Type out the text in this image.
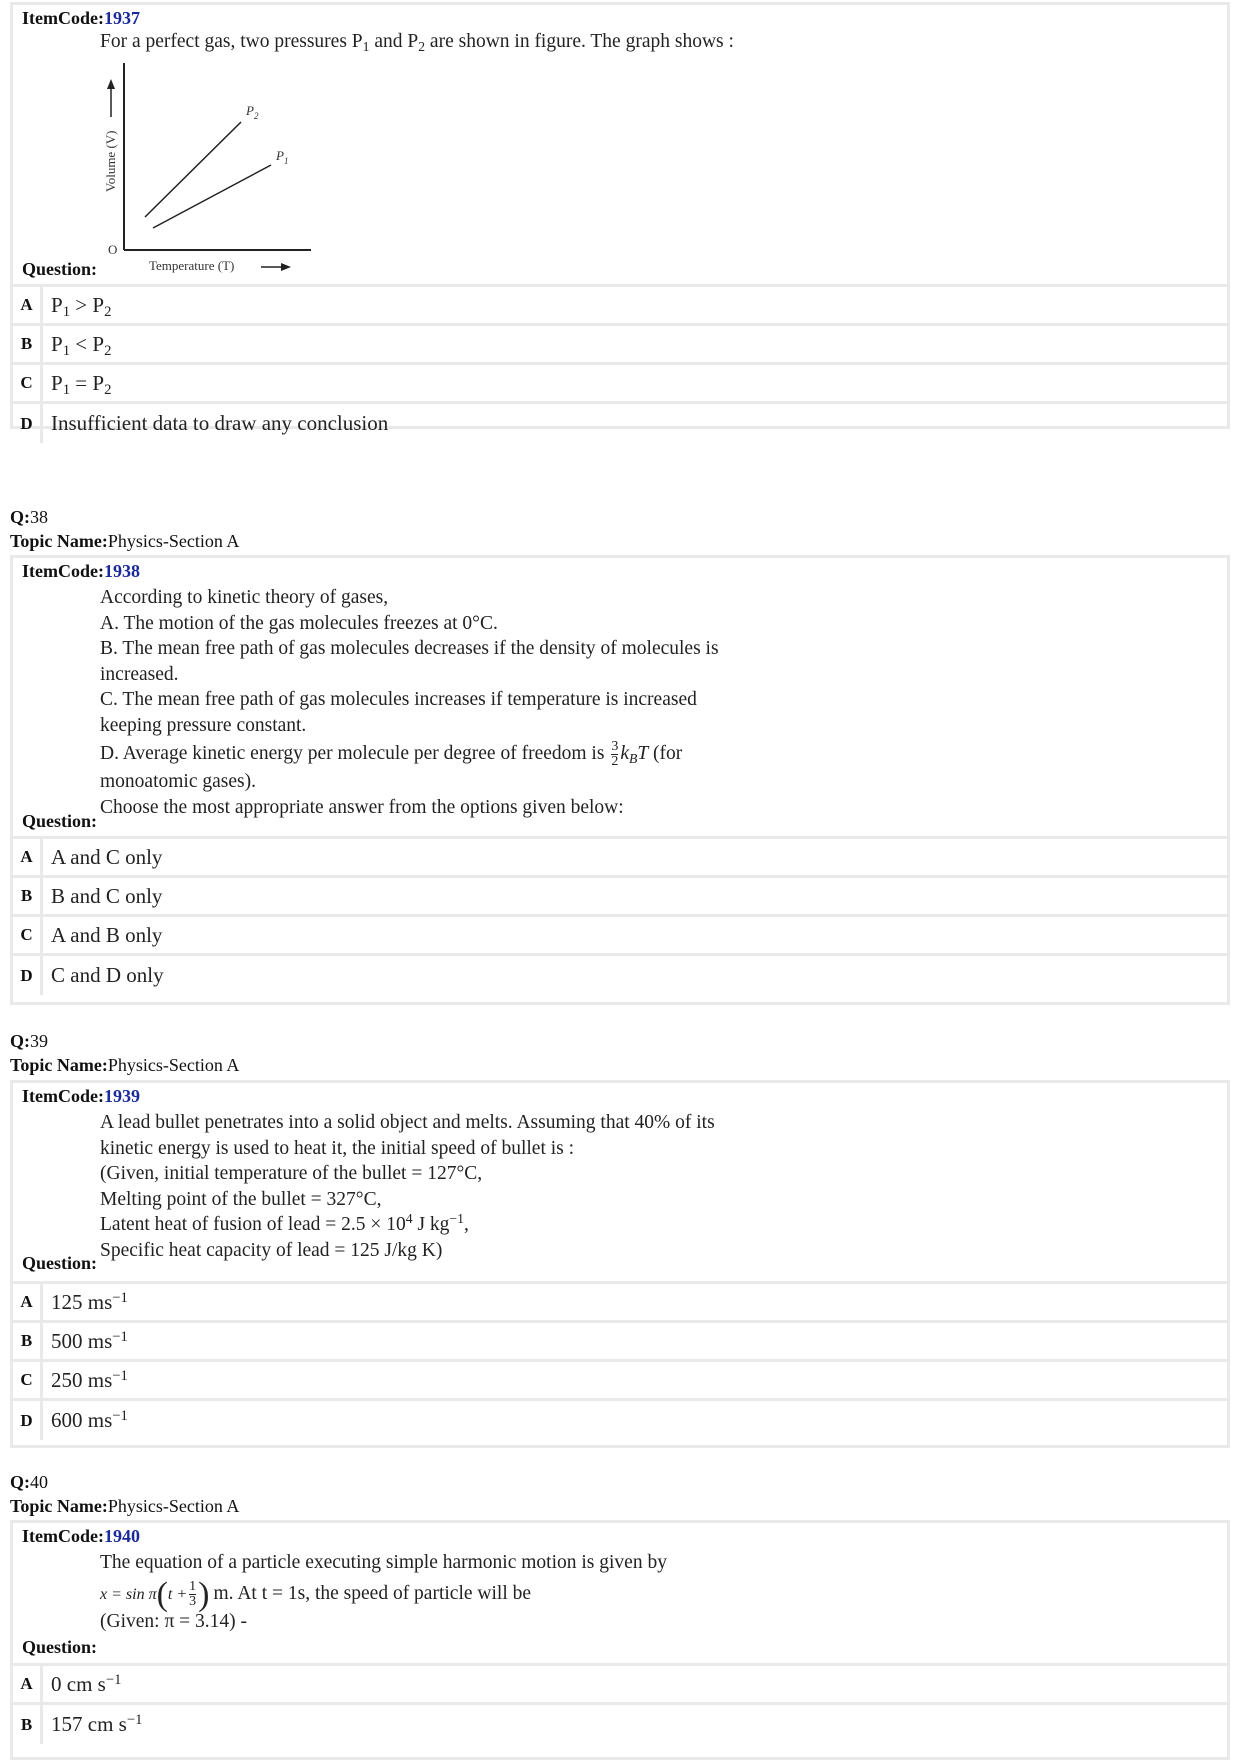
ItemCode:1937
For a perfect gas, two pressures $P_1$ and $P_2$ are shown in figure. The graph shows :
O
Volume (V)
Temperature (T)
$P_2$
$P_1$
Question:
A $P_1 > P_2$
B $P_1 < P_2$
C $P_1 = P_2$
D Insufficient data to draw any conclusion
Q:38
Topic Name:Physics-Section A
ItemCode:1938
According to kinetic theory of gases,
A. The motion of the gas molecules freezes at 0°C.
B. The mean free path of gas molecules decreases if the density of molecules is
increased.
C. The mean free path of gas molecules increases if temperature is increased
keeping pressure constant.
D. Average kinetic energy per molecule per degree of freedom is $\frac{3}{2} k_BT$ (for
monoatomic gases).
Choose the most appropriate answer from the options given below:
Question:
A A and C only
B B and C only
C A and B only
D C and D only
Q:39
Topic Name:Physics-Section A
ItemCode:1939
A lead bullet penetrates into a solid object and melts. Assuming that 40% of its
kinetic energy is used to heat it, the initial speed of bullet is :
(Given, initial temperature of the bullet = 127°C,
Melting point of the bullet = 327°C,
Latent heat of fusion of lead = $2.5 \times 10^4$ J $kg^{-1}$,
Specific heat capacity of lead = 125 J/kg K)
Question:
A 125 $ms^{-1}$
B 500 $ms^{-1}$
C 250 $ms^{-1}$
D 600 $ms^{-1}$
Q:40
Topic Name:Physics-Section A
ItemCode:1940
The equation of a particle executing simple harmonic motion is given by
$x = \sin \pi(t + \frac{1}{3}$ ) m. At t = 1s, the speed of particle will be
(Given: π = 3.14) -
Question:
A 0 cm $s^{-1}$
B 157 cm $s^{-1}$
